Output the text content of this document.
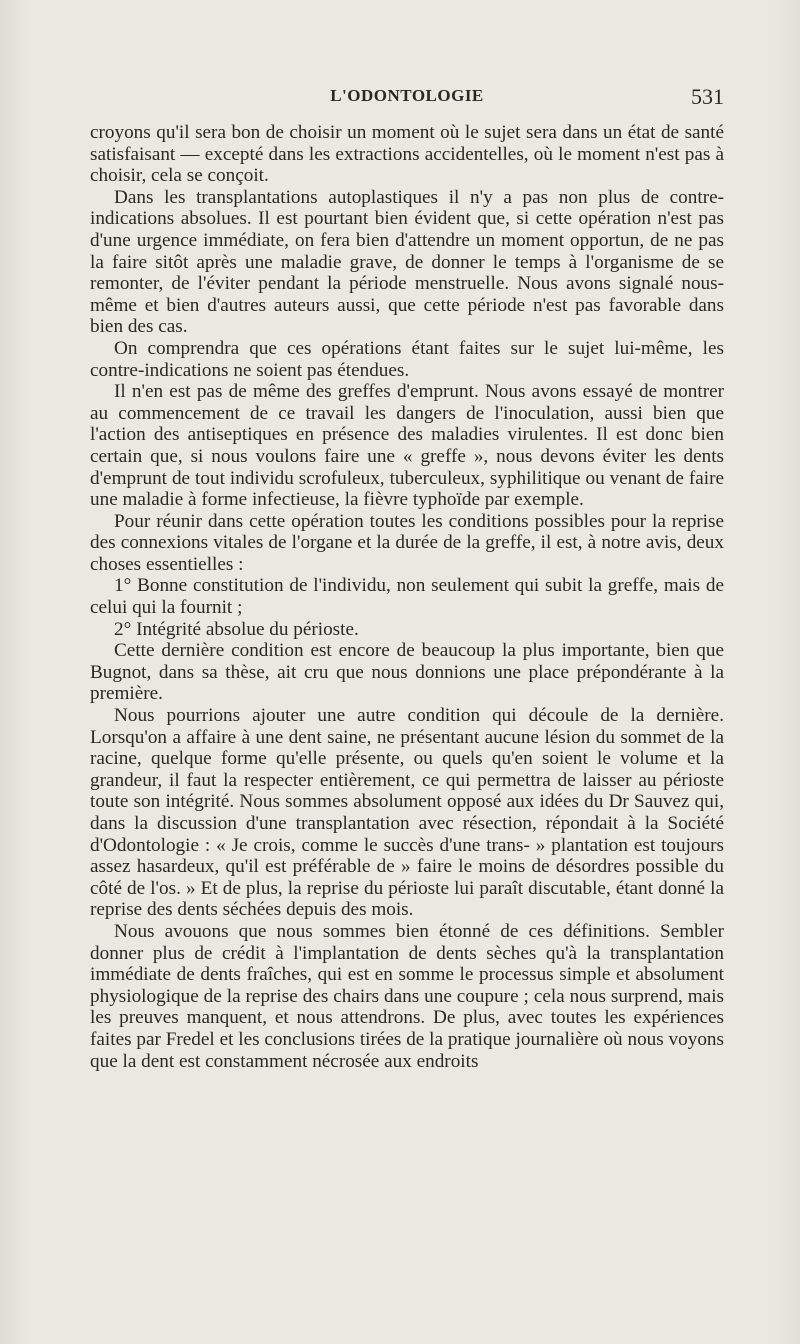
L'ODONTOLOGIE	531

croyons qu'il sera bon de choisir un moment où le sujet sera dans un état de santé satisfaisant — excepté dans les extractions accidentelles, où le moment n'est pas à choisir, cela se conçoit.

Dans les transplantations autoplastiques il n'y a pas non plus de contre-indications absolues. Il est pourtant bien évident que, si cette opération n'est pas d'une urgence immédiate, on fera bien d'attendre un moment opportun, de ne pas la faire sitôt après une maladie grave, de donner le temps à l'organisme de se remonter, de l'éviter pendant la période menstruelle. Nous avons signalé nous-même et bien d'autres auteurs aussi, que cette période n'est pas favorable dans bien des cas.

On comprendra que ces opérations étant faites sur le sujet lui-même, les contre-indications ne soient pas étendues.

Il n'en est pas de même des greffes d'emprunt. Nous avons essayé de montrer au commencement de ce travail les dangers de l'inoculation, aussi bien que l'action des antiseptiques en présence des maladies virulentes. Il est donc bien certain que, si nous voulons faire une « greffe », nous devons éviter les dents d'emprunt de tout individu scrofuleux, tuberculeux, syphilitique ou venant de faire une maladie à forme infectieuse, la fièvre typhoïde par exemple.

Pour réunir dans cette opération toutes les conditions possibles pour la reprise des connexions vitales de l'organe et la durée de la greffe, il est, à notre avis, deux choses essentielles :

1° Bonne constitution de l'individu, non seulement qui subit la greffe, mais de celui qui la fournit ;

2° Intégrité absolue du périoste.

Cette dernière condition est encore de beaucoup la plus importante, bien que Bugnot, dans sa thèse, ait cru que nous donnions une place prépondérante à la première.

Nous pourrions ajouter une autre condition qui découle de la dernière. Lorsqu'on a affaire à une dent saine, ne présentant aucune lésion du sommet de la racine, quelque forme qu'elle présente, ou quels qu'en soient le volume et la grandeur, il faut la respecter entièrement, ce qui permettra de laisser au périoste toute son intégrité. Nous sommes absolument opposé aux idées du Dr Sauvez qui, dans la discussion d'une transplantation avec résection, répondait à la Société d'Odontologie : « Je crois, comme le succès d'une trans- » plantation est toujours assez hasardeux, qu'il est préférable de » faire le moins de désordres possible du côté de l'os. » Et de plus, la reprise du périoste lui paraît discutable, étant donné la reprise des dents séchées depuis des mois.

Nous avouons que nous sommes bien étonné de ces définitions. Sembler donner plus de crédit à l'implantation de dents sèches qu'à la transplantation immédiate de dents fraîches, qui est en somme le processus simple et absolument physiologique de la reprise des chairs dans une coupure ; cela nous surprend, mais les preuves manquent, et nous attendrons. De plus, avec toutes les expériences faites par Fredel et les conclusions tirées de la pratique journalière où nous voyons que la dent est constamment nécrosée aux endroits
